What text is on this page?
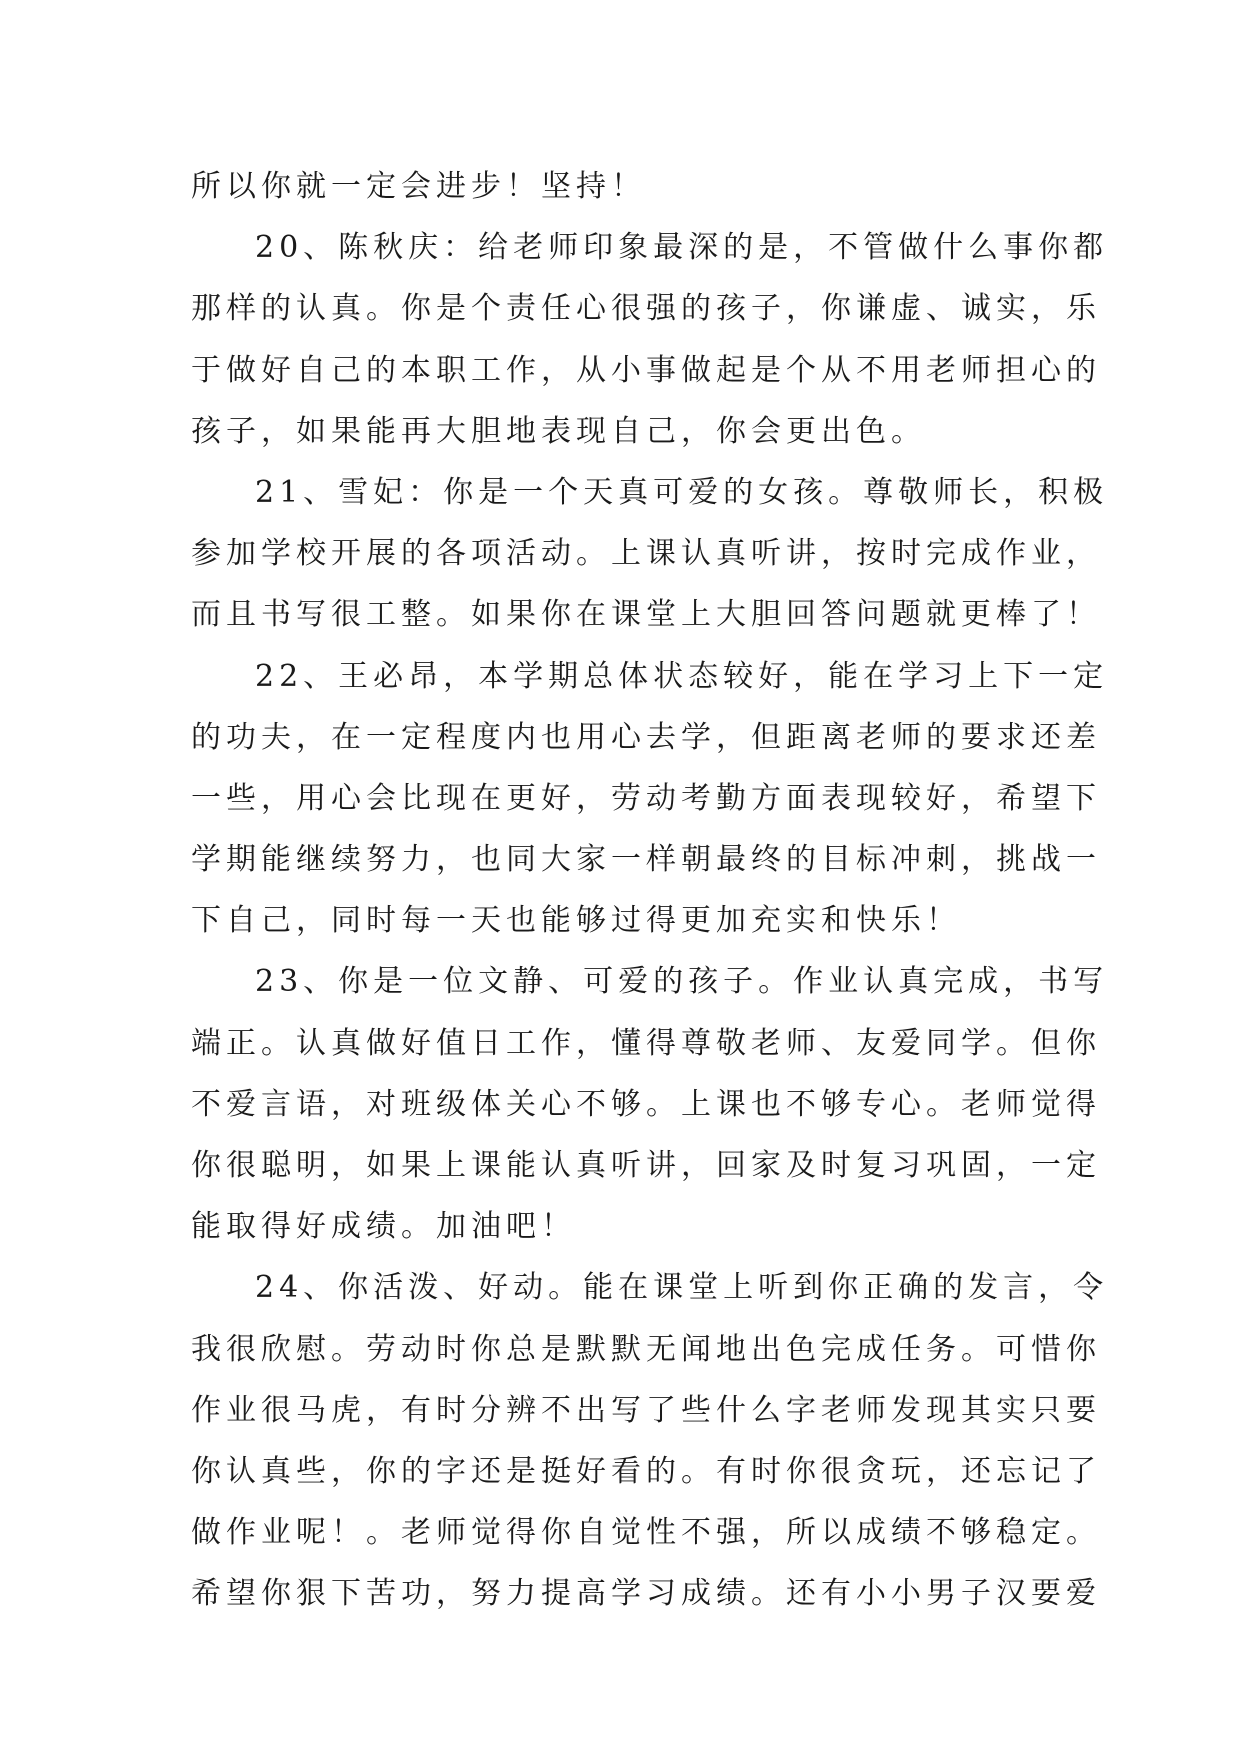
所以你就一定会进步！坚持！
20、陈秋庆：给老师印象最深的是，不管做什么事你都
那样的认真。你是个责任心很强的孩子，你谦虚、诚实，乐
于做好自己的本职工作，从小事做起是个从不用老师担心的
孩子，如果能再大胆地表现自己，你会更出色。
21、雪妃：你是一个天真可爱的女孩。尊敬师长，积极
参加学校开展的各项活动。上课认真听讲，按时完成作业，
而且书写很工整。如果你在课堂上大胆回答问题就更棒了！
22、王必昂，本学期总体状态较好，能在学习上下一定
的功夫，在一定程度内也用心去学，但距离老师的要求还差
一些，用心会比现在更好，劳动考勤方面表现较好，希望下
学期能继续努力，也同大家一样朝最终的目标冲刺，挑战一
下自己，同时每一天也能够过得更加充实和快乐！
23、你是一位文静、可爱的孩子。作业认真完成，书写
端正。认真做好值日工作，懂得尊敬老师、友爱同学。但你
不爱言语，对班级体关心不够。上课也不够专心。老师觉得
你很聪明，如果上课能认真听讲，回家及时复习巩固，一定
能取得好成绩。加油吧！
24、你活泼、好动。能在课堂上听到你正确的发言，令
我很欣慰。劳动时你总是默默无闻地出色完成任务。可惜你
作业很马虎，有时分辨不出写了些什么字老师发现其实只要
你认真些，你的字还是挺好看的。有时你很贪玩，还忘记了
做作业呢！。老师觉得你自觉性不强，所以成绩不够稳定。
希望你狠下苦功，努力提高学习成绩。还有小小男子汉要爱
